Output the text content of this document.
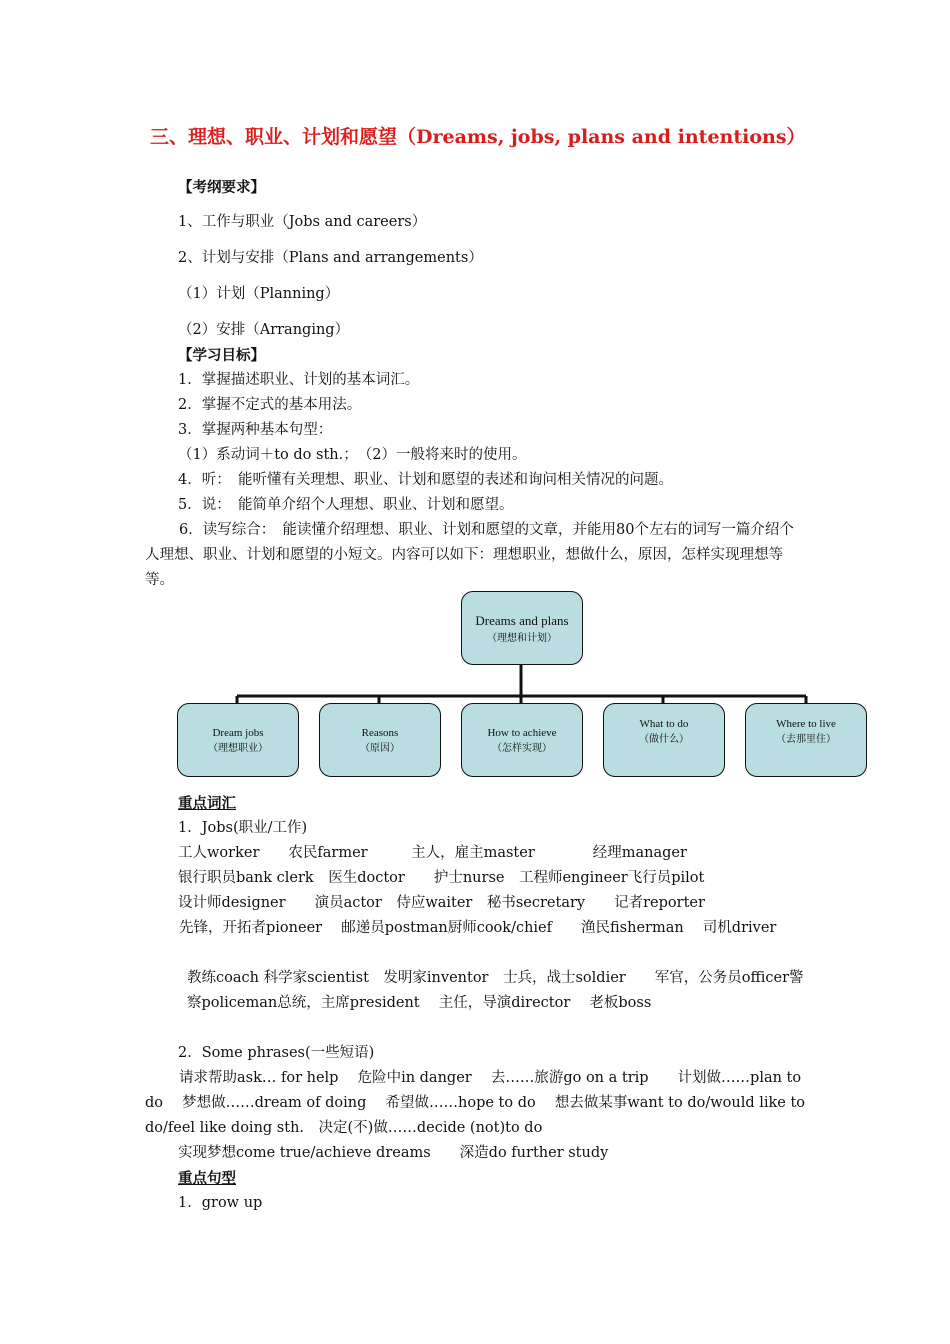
三、理想、职业、计划和愿望（Dreams, jobs, plans and intentions）
【考纲要求】
1、工作与职业（Jobs and careers）
2、计划与安排（Plans and arrangements）
（1）计划（Planning）
（2）安排（Arranging）
【学习目标】
1．掌握描述职业、计划的基本词汇。
2．掌握不定式的基本用法。
3．掌握两种基本句型：
（1）系动词＋to do sth.；　（2）一般将来时的使用。
4．听：　能听懂有关理想、职业、计划和愿望的表述和询问相关情况的问题。
5．说：　能简单介绍个人理想、职业、计划和愿望。
6．读写综合：　能读懂介绍理想、职业、计划和愿望的文章，并能用80个左右的词写一篇介绍个人理想、职业、计划和愿望的小短文。内容可以如下：理想职业，想做什么，原因，怎样实现理想等等。
Dreams and plans
（理想和计划）
Dream jobs
（理想职业）
Reasons
（原因）
How to achieve
（怎样实现）
What to do
（做什么）
Where to live
（去那里住）
重点词汇
1．Jobs(职业/工作)
工人worker　　农民farmer　　　主人，雇主master　　　　经理manager
银行职员bank clerk　医生doctor　　护士nurse　工程师engineer飞行员pilot
设计师designer　　演员actor　侍应waiter　秘书secretary　　记者reporter
先锋，开拓者pioneer　 邮递员postman厨师cook/chief　　渔民fisherman　 司机driver
教练coach 科学家scientist　发明家inventor　士兵，战士soldier　　军官，公务员officer警察policeman总统，主席president　 主任，导演director　 老板boss
2．Some phrases(一些短语)
请求帮助ask… for help　 危险中in danger　 去……旅游go on a trip　　计划做……plan to do　 梦想做……dream of doing　 希望做……hope to do　 想去做某事want to do/would like to do/feel like doing sth.　决定(不)做……decide (not)to do
实现梦想come true/achieve dreams　　深造do further study
重点句型
1．grow up
